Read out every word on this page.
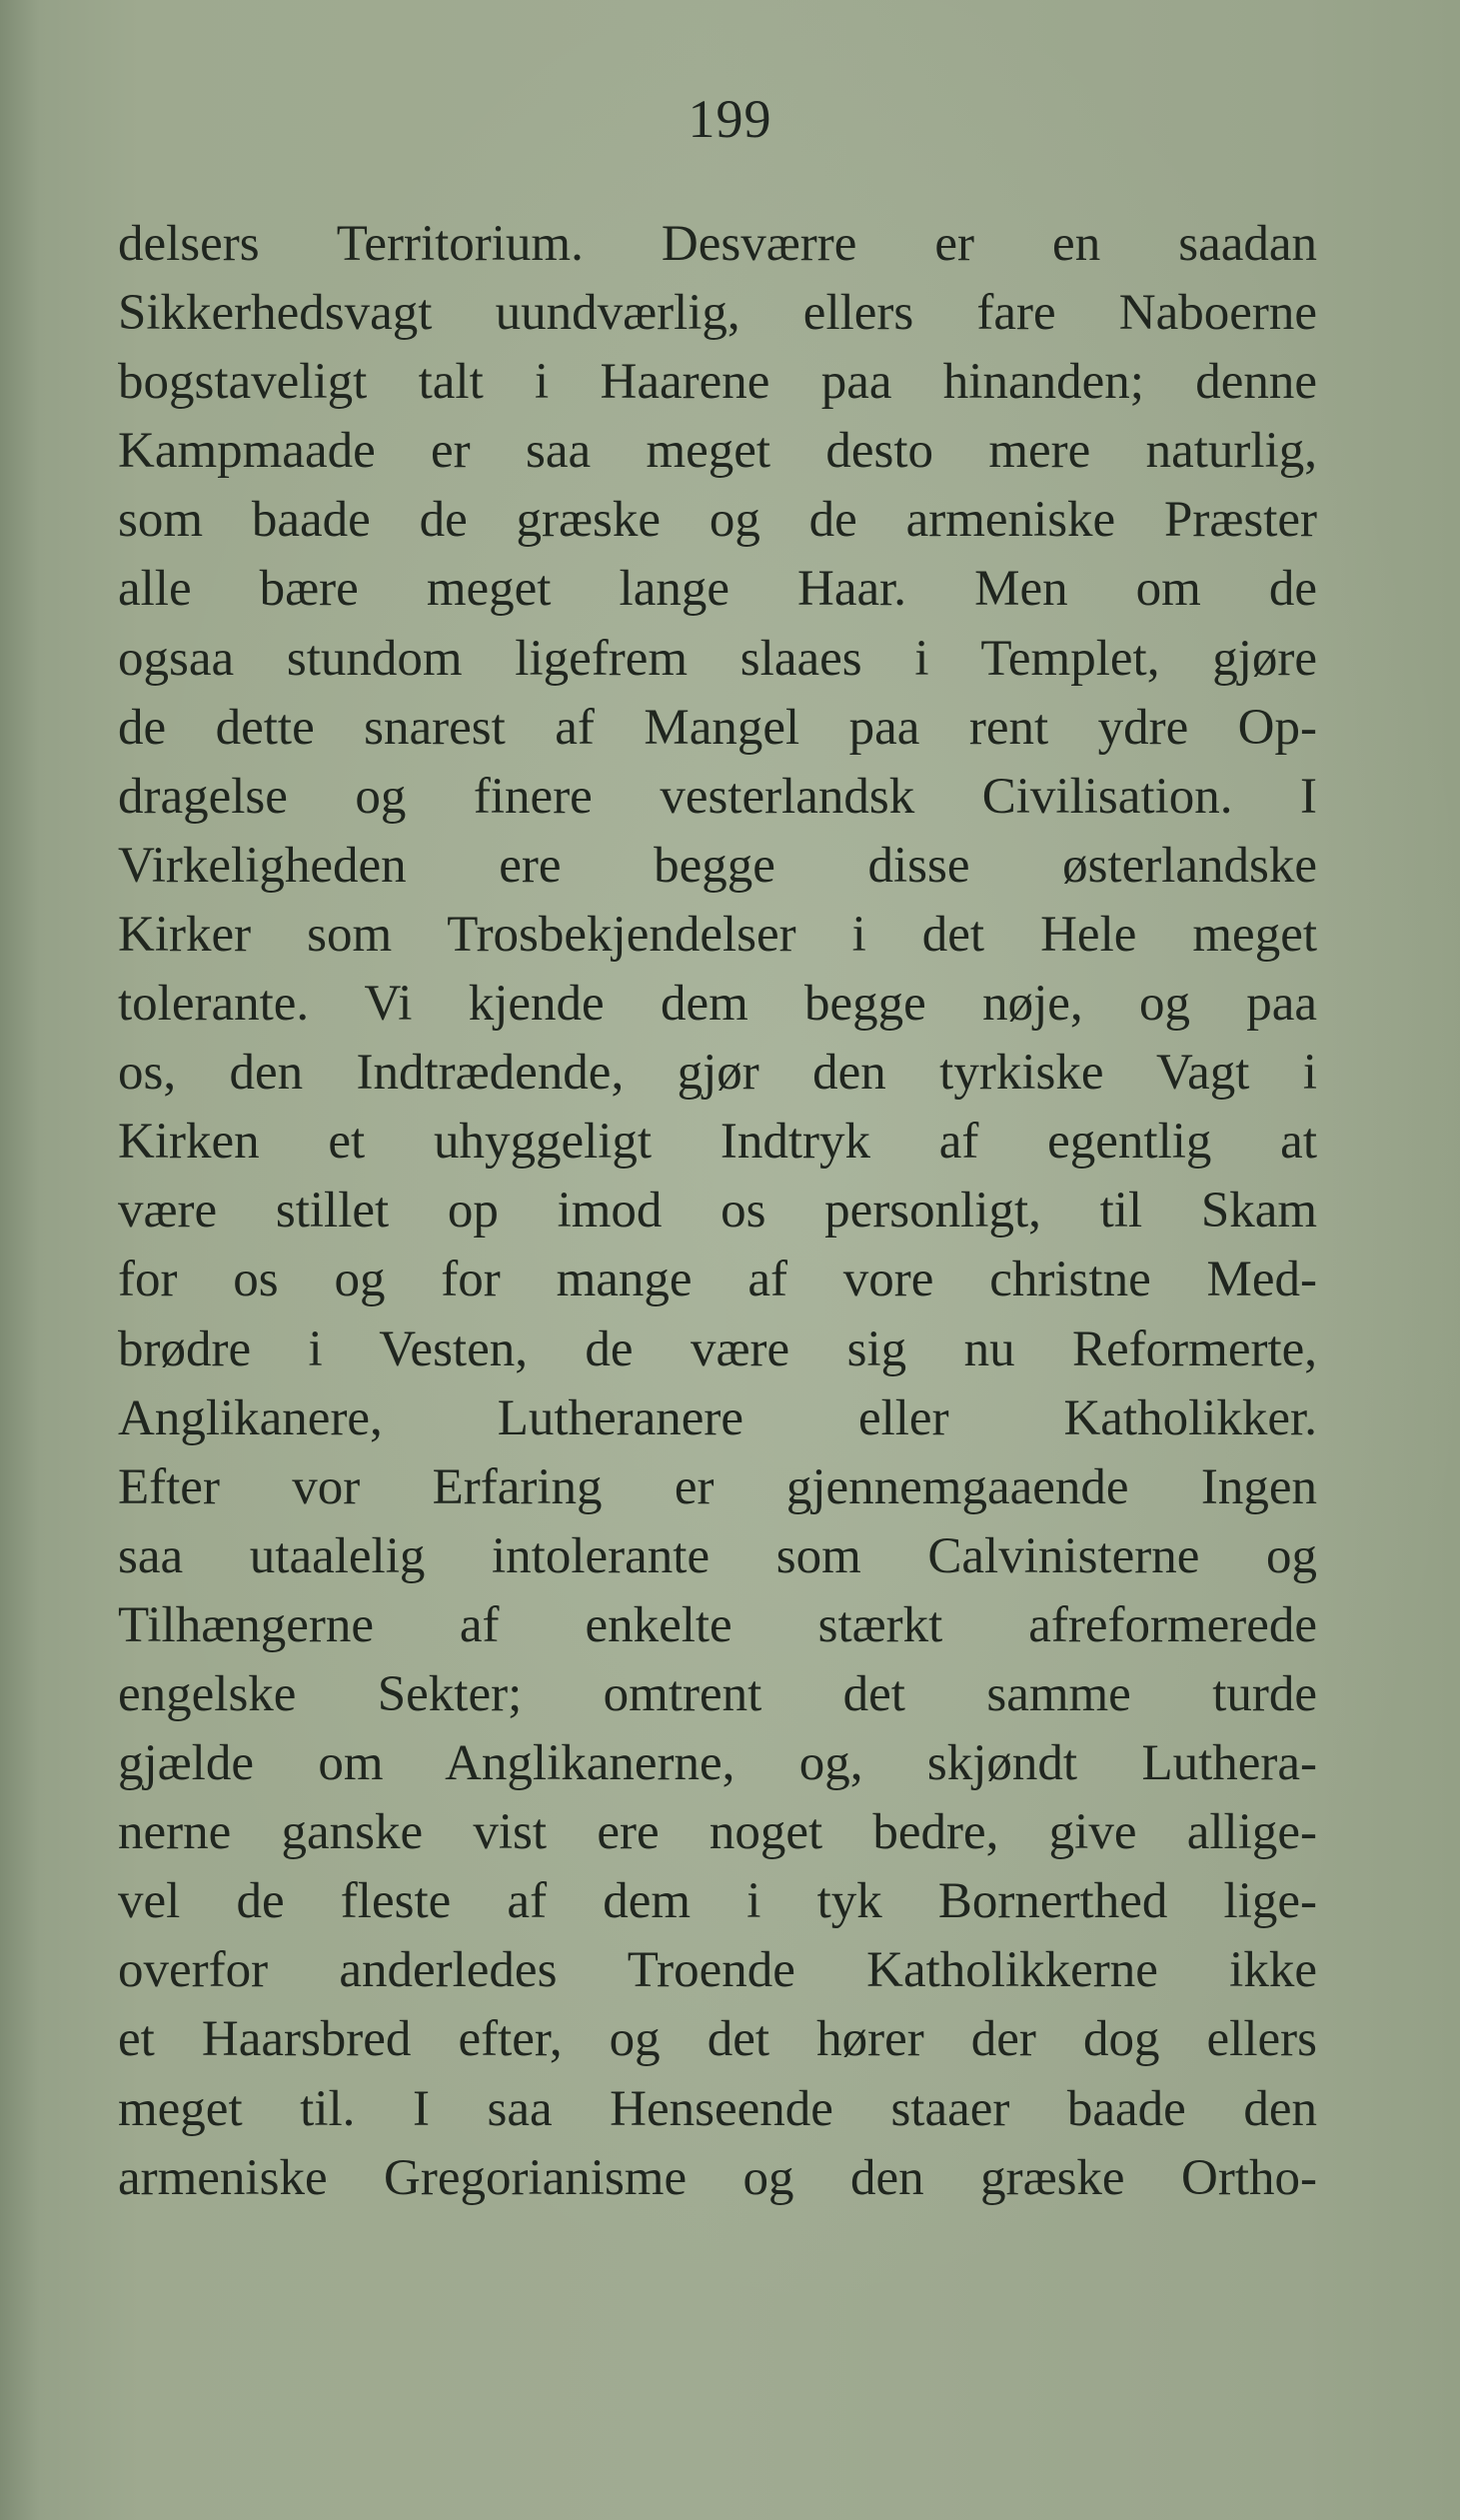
199
delsers Territorium. Desværre er en saadan
Sikkerhedsvagt uundværlig, ellers fare Naboerne
bogstaveligt talt i Haarene paa hinanden; denne
Kampmaade er saa meget desto mere naturlig,
som baade de græske og de armeniske Præster
alle bære meget lange Haar. Men om de
ogsaa stundom ligefrem slaaes i Templet, gjøre
de dette snarest af Mangel paa rent ydre Op-
dragelse og finere vesterlandsk Civilisation. I
Virkeligheden ere begge disse østerlandske
Kirker som Trosbekjendelser i det Hele meget
tolerante. Vi kjende dem begge nøje, og paa
os, den Indtrædende, gjør den tyrkiske Vagt i
Kirken et uhyggeligt Indtryk af egentlig at
være stillet op imod os personligt, til Skam
for os og for mange af vore christne Med-
brødre i Vesten, de være sig nu Reformerte,
Anglikanere, Lutheranere eller Katholikker.
Efter vor Erfaring er gjennemgaaende Ingen
saa utaalelig intolerante som Calvinisterne og
Tilhængerne af enkelte stærkt afreformerede
engelske Sekter; omtrent det samme turde
gjælde om Anglikanerne, og, skjøndt Luthera-
nerne ganske vist ere noget bedre, give allige-
vel de fleste af dem i tyk Bornerthed lige-
overfor anderledes Troende Katholikkerne ikke
et Haarsbred efter, og det hører der dog ellers
meget til. I saa Henseende staaer baade den
armeniske Gregorianisme og den græske Ortho-
